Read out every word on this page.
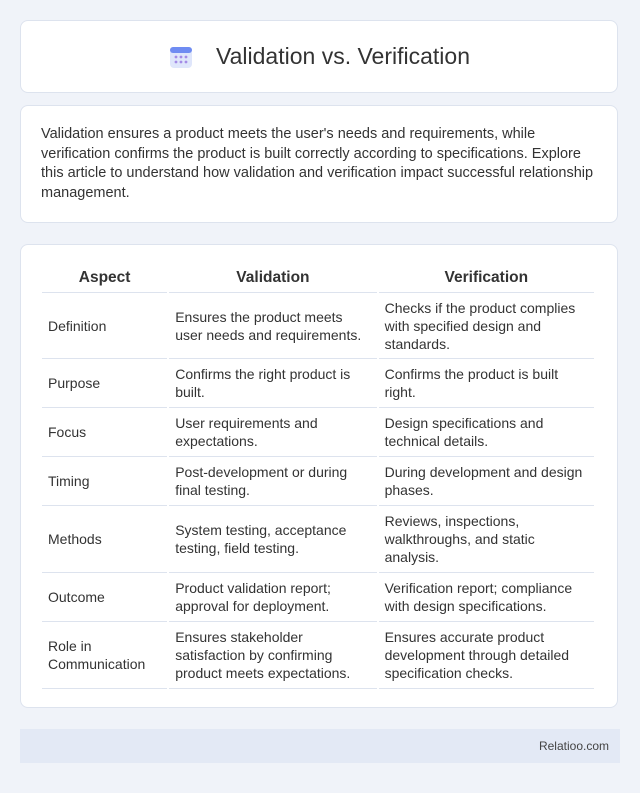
Validation vs. Verification

Validation ensures a product meets the user's needs and requirements, while verification confirms the product is built correctly according to specifications. Explore this article to understand how validation and verification impact successful relationship management.

Aspect	Validation	Verification
Definition	Ensures the product meets user needs and requirements.	Checks if the product complies with specified design and standards.
Purpose	Confirms the right product is built.	Confirms the product is built right.
Focus	User requirements and expectations.	Design specifications and technical details.
Timing	Post-development or during final testing.	During development and design phases.
Methods	System testing, acceptance testing, field testing.	Reviews, inspections, walkthroughs, and static analysis.
Outcome	Product validation report; approval for deployment.	Verification report; compliance with design specifications.
Role in Communication	Ensures stakeholder satisfaction by confirming product meets expectations.	Ensures accurate product development through detailed specification checks.
Relatioo.com
